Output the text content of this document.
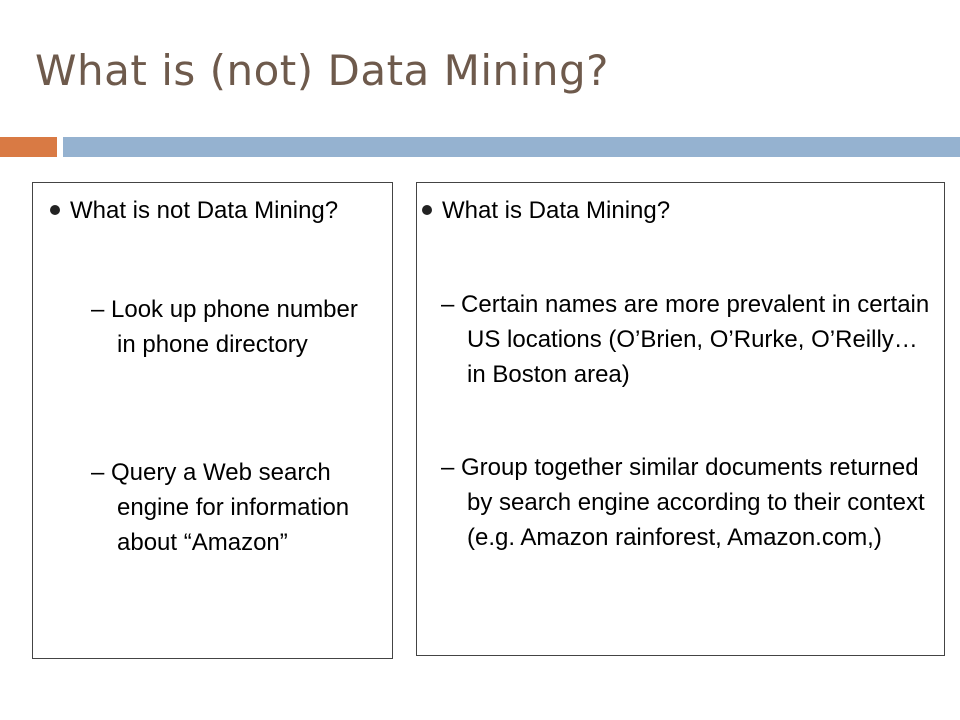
What is (not) Data Mining?
What is not Data Mining?
– Look up phone number in phone directory
– Query a Web search engine for information about “Amazon”
What is Data Mining?
– Certain names are more prevalent in certain US locations (O’Brien, O’Rurke, O’Reilly… in Boston area)
– Group together similar documents returned by search engine according to their context (e.g. Amazon rainforest, Amazon.com,)
